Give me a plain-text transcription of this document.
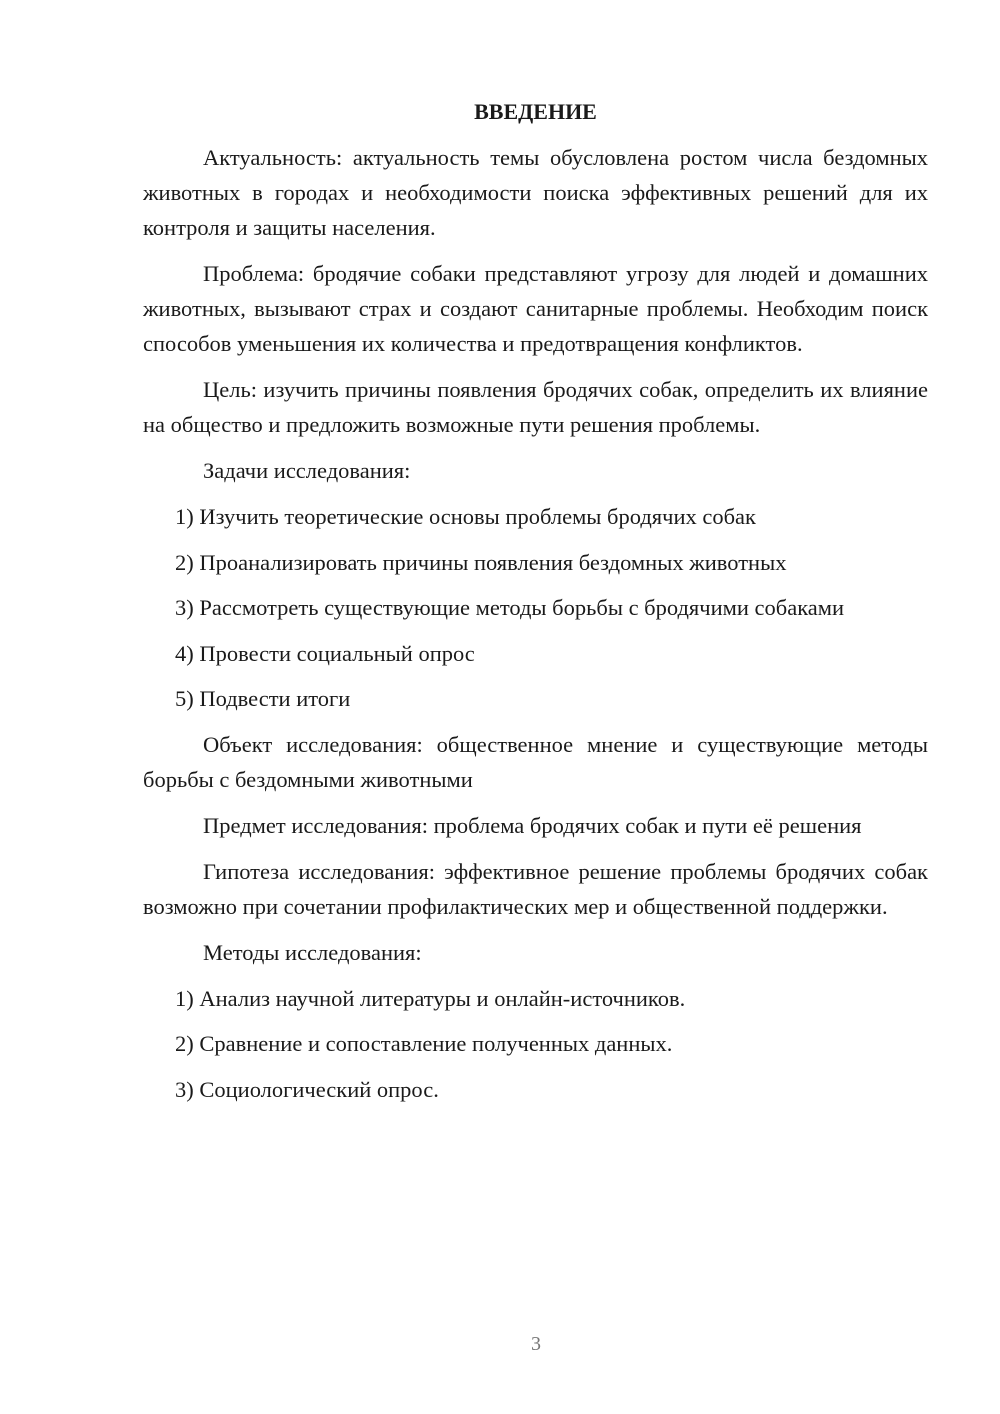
ВВЕДЕНИЕ

Актуальность: актуальность темы обусловлена ростом числа бездомных животных в городах и необходимости поиска эффективных решений для их контроля и защиты населения.

Проблема: бродячие собаки представляют угрозу для людей и домашних животных, вызывают страх и создают санитарные проблемы. Необходим поиск способов уменьшения их количества и предотвращения конфликтов.

Цель: изучить причины появления бродячих собак, определить их влияние на общество и предложить возможные пути решения проблемы.

Задачи исследования:

1) Изучить теоретические основы проблемы бродячих собак
2) Проанализировать причины появления бездомных животных
3) Рассмотреть существующие методы борьбы с бродячими собаками
4) Провести социальный опрос
5) Подвести итоги

Объект исследования: общественное мнение и существующие методы борьбы с бездомными животными

Предмет исследования: проблема бродячих собак и пути её решения

Гипотеза исследования: эффективное решение проблемы бродячих собак возможно при сочетании профилактических мер и общественной поддержки.

Методы исследования:

1) Анализ научной литературы и онлайн-источников.
2) Сравнение и сопоставление полученных данных.
3) Социологический опрос.
3
